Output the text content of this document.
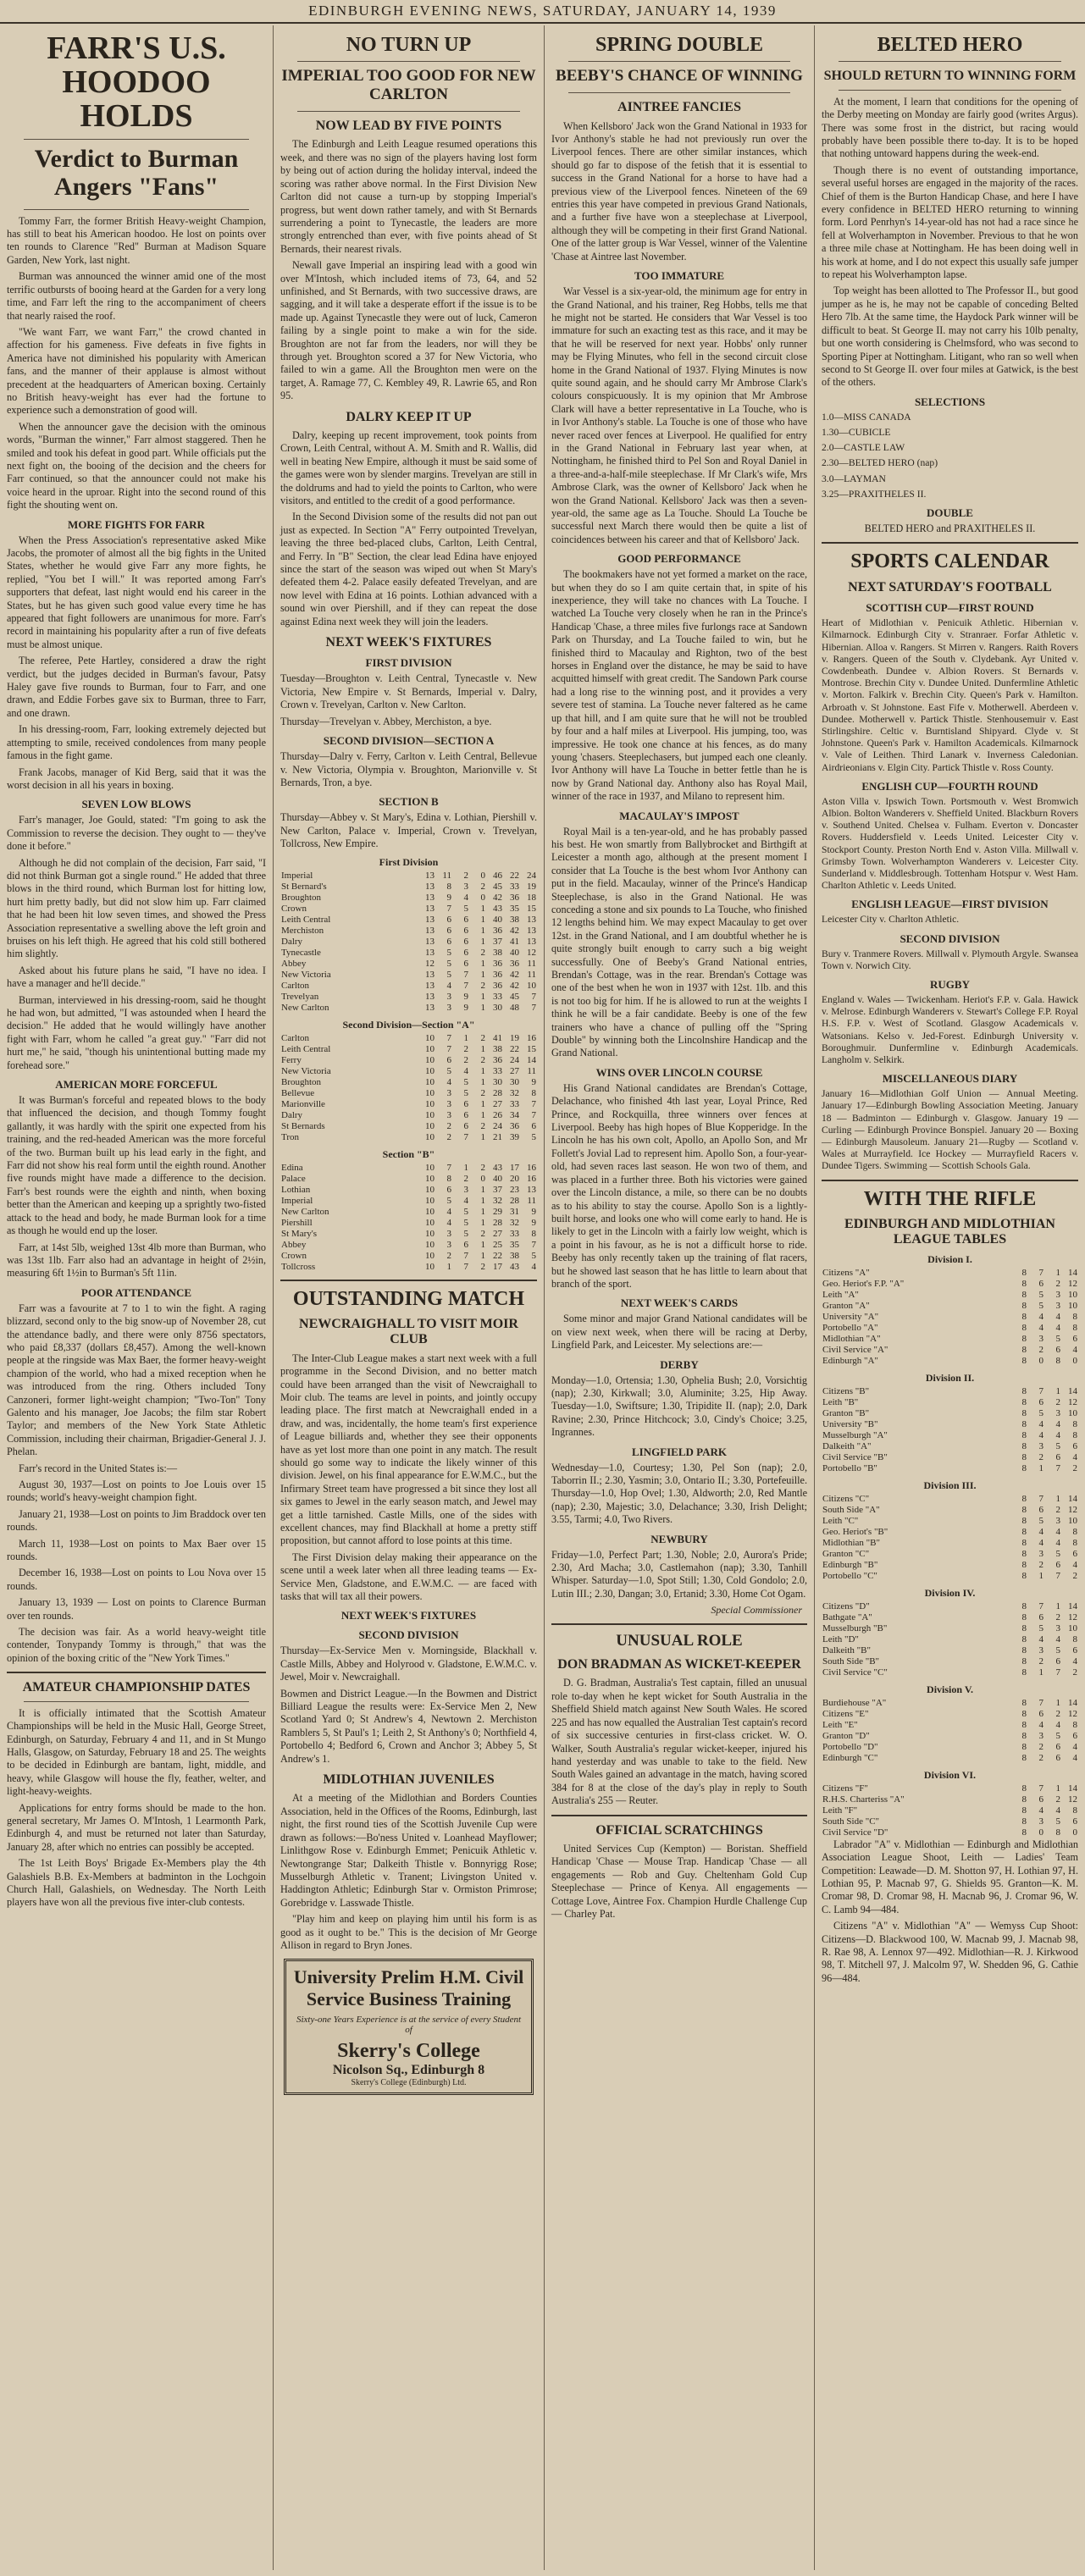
EDINBURGH EVENING NEWS, SATURDAY, JANUARY 14, 1939
FARR'S U.S. HOODOO HOLDS
Verdict to Burman Angers "Fans"

Tommy Farr, the former British Heavy-weight Champion, has still to beat his American hoodoo. He lost on points over ten rounds to Clarence "Red" Burman at Madison Square Garden, New York, last night.

Burman was announced the winner amid one of the most terrific outbursts of booing heard at the Garden for a very long time, and Farr left the ring to the accompaniment of cheers that nearly raised the roof.

"We want Farr, we want Farr," the crowd chanted in affection for his gameness. Five defeats in five fights in America have not diminished his popularity with American fans, and the manner of their applause is almost without precedent at the headquarters of American boxing. Certainly no British heavy-weight has ever had the fortune to experience such a demonstration of good will.

When the announcer gave the decision with the ominous words, "Burman the winner," Farr almost staggered. Then he smiled and took his defeat in good part. While officials put the next fight on, the booing of the decision and the cheers for Farr continued, so that the announcer could not make his voice heard in the uproar. Right into the second round of this fight the shouting went on.

MORE FIGHTS FOR FARR

When the Press Association's representative asked Mike Jacobs, the promoter of almost all the big fights in the United States, whether he would give Farr any more fights, he replied, "You bet I will." It was reported among Farr's supporters that defeat, last night would end his career in the States, but he has given such good value every time he has appeared that fight followers are unanimous for more. Farr's record in maintaining his popularity after a run of five defeats must be almost unique.

The referee, Pete Hartley, considered a draw the right verdict, but the judges decided in Burman's favour, Patsy Haley gave five rounds to Burman, four to Farr, and one drawn, and Eddie Forbes gave six to Burman, three to Farr, and one drawn.

In his dressing-room, Farr, looking extremely dejected but attempting to smile, received condolences from many people famous in the fight game.

Frank Jacobs, manager of Kid Berg, said that it was the worst decision in all his years in boxing.

SEVEN LOW BLOWS

Farr's manager, Joe Gould, stated: "I'm going to ask the Commission to reverse the decision. They ought to — they've done it before."

Although he did not complain of the decision, Farr said, "I did not think Burman got a single round." He added that three blows in the third round, which Burman lost for hitting low, hurt him pretty badly, but did not slow him up. Farr claimed that he had been hit low seven times, and showed the Press Association representative a swelling above the left groin and bruises on his left thigh. He agreed that his cold still bothered him slightly.

Asked about his future plans he said, "I have no idea. I have a manager and he'll decide."

Burman, interviewed in his dressing-room, said he thought he had won, but admitted, "I was astounded when I heard the decision." He added that he would willingly have another fight with Farr, whom he called "a great guy." "Farr did not hurt me," he said, "though his unintentional butting made my forehead sore."

AMERICAN MORE FORCEFUL

It was Burman's forceful and repeated blows to the body that influenced the decision, and though Tommy fought gallantly, it was hardly with the spirit one expected from his training, and the red-headed American was the more forceful of the two. Burman built up his lead early in the fight, and Farr did not show his real form until the eighth round. Another five rounds might have made a difference to the decision. Farr's best rounds were the eighth and ninth, when boxing better than the American and keeping up a sprightly two-fisted attack to the head and body, he made Burman look for a time as though he would end up the loser.

Farr, at 14st 5lb, weighed 13st 4lb more than Burman, who was 13st 1lb. Farr also had an advantage in height of 2½in, measuring 6ft 1½in to Burman's 5ft 11in.

POOR ATTENDANCE

Farr was a favourite at 7 to 1 to win the fight. A raging blizzard, second only to the big snow-up of November 28, cut the attendance badly, and there were only 8756 spectators, who paid £8,337 (dollars £8,457). Among the well-known people at the ringside was Max Baer, the former heavy-weight champion of the world, who had a mixed reception when he was introduced from the ring. Others included Tony Canzoneri, former light-weight champion; "Two-Ton" Tony Galento and his manager, Joe Jacobs; the film star Robert Taylor; and members of the New York State Athletic Commission, including their chairman, Brigadier-General J. J. Phelan.

Farr's record in the United States is:—

August 30, 1937—Lost on points to Joe Louis over 15 rounds; world's heavy-weight champion fight.

January 21, 1938—Lost on points to Jim Braddock over ten rounds.

March 11, 1938—Lost on points to Max Baer over 15 rounds.

December 16, 1938—Lost on points to Lou Nova over 15 rounds.

January 13, 1939 — Lost on points to Clarence Burman over ten rounds.

The decision was fair. As a world heavy-weight title contender, Tonypandy Tommy is through," that was the opinion of the boxing critic of the "New York Times."

AMATEUR CHAMPIONSHIP DATES

It is officially intimated that the Scottish Amateur Championships will be held in the Music Hall, George Street, Edinburgh, on Saturday, February 4 and 11, and in St Mungo Halls, Glasgow, on Saturday, February 18 and 25. The weights to be decided in Edinburgh are bantam, light, middle, and heavy, while Glasgow will house the fly, feather, welter, and light-heavy-weights.

Applications for entry forms should be made to the hon. general secretary, Mr James O. M'Intosh, 1 Learmonth Park, Edinburgh 4, and must be returned not later than Saturday, January 28, after which no entries can possibly be accepted.

The 1st Leith Boys' Brigade Ex-Members play the 4th Galashiels B.B. Ex-Members at badminton in the Lochgoin Church Hall, Galashiels, on Wednesday. The North Leith players have won all the previous five inter-club contests.

NO TURN UP
IMPERIAL TOO GOOD FOR NEW CARLTON
NOW LEAD BY FIVE POINTS

The Edinburgh and Leith League resumed operations this week, and there was no sign of the players having lost form by being out of action during the holiday interval, indeed the scoring was rather above normal. In the First Division New Carlton did not cause a turn-up by stopping Imperial's progress, but went down rather tamely, and with St Bernards surrendering a point to Tynecastle, the leaders are more strongly entrenched than ever, with five points ahead of St Bernards, their nearest rivals.

Newall gave Imperial an inspiring lead with a good win over M'Intosh, which included items of 73, 64, and 52 unfinished, and St Bernards, with two successive draws, are sagging, and it will take a desperate effort if the issue is to be made up. Against Tynecastle they were out of luck, Cameron failing by a single point to make a win for the side. Broughton are not far from the leaders, nor will they be through yet. Broughton scored a 37 for New Victoria, who failed to win a game. All the Broughton men were on the target, A. Ramage 77, C. Kembley 49, R. Lawrie 65, and Ron 95.

DALRY KEEP IT UP

Dalry, keeping up recent improvement, took points from Crown, Leith Central, without A. M. Smith and R. Wallis, did well in beating New Empire, although it must be said some of the games were won by slender margins. Trevelyan are still in the doldrums and had to yield the points to Carlton, who were visitors, and entitled to the credit of a good performance.

In the Second Division some of the results did not pan out just as expected. In Section "A" Ferry outpointed Trevelyan, leaving the three bed-placed clubs, Carlton, Leith Central, and Ferry. In "B" Section, the clear lead Edina have enjoyed since the start of the season was wiped out when St Mary's defeated them 4-2. Palace easily defeated Trevelyan, and are now level with Edina at 16 points. Lothian advanced with a sound win over Piershill, and if they can repeat the dose against Edina next week they will join the leaders.

NEXT WEEK'S FIXTURES
FIRST DIVISION

Tuesday—Broughton v. Leith Central, Tynecastle v. New Victoria, New Empire v. St Bernards, Imperial v. Dalry, Crown v. Trevelyan, Carlton v. New Carlton.

Thursday—Trevelyan v. Abbey, Merchiston, a bye.

SECOND DIVISION—SECTION A

Thursday—Dalry v. Ferry, Carlton v. Leith Central, Bellevue v. New Victoria, Olympia v. Broughton, Marionville v. St Bernards, Tron, a bye.

SECTION B

Thursday—Abbey v. St Mary's, Edina v. Lothian, Piershill v. New Carlton, Palace v. Imperial, Crown v. Trevelyan, Tollcross, New Empire.

First Division
Imperial	13	11	2	0	46	22	24
St Bernard's	13	8	3	2	45	33	19
Broughton	13	9	4	0	42	36	18
Crown	13	7	5	1	43	35	15
Leith Central	13	6	6	1	40	38	13
Merchiston	13	6	6	1	36	42	13
Dalry	13	6	6	1	37	41	13
Tynecastle	13	5	6	2	38	40	12
Abbey	12	5	6	1	36	36	11
New Victoria	13	5	7	1	36	42	11
Carlton	13	4	7	2	36	42	10
Trevelyan	13	3	9	1	33	45	7
New Carlton	13	3	9	1	30	48	7
Second Division—Section "A"
Carlton	10	7	1	2	41	19	16
Leith Central	10	7	2	1	38	22	15
Ferry	10	6	2	2	36	24	14
New Victoria	10	5	4	1	33	27	11
Broughton	10	4	5	1	30	30	9
Bellevue	10	3	5	2	28	32	8
Marionville	10	3	6	1	27	33	7
Dalry	10	3	6	1	26	34	7
St Bernards	10	2	6	2	24	36	6
Tron	10	2	7	1	21	39	5
Section "B"
Edina	10	7	1	2	43	17	16
Palace	10	8	2	0	40	20	16
Lothian	10	6	3	1	37	23	13
Imperial	10	5	4	1	32	28	11
New Carlton	10	4	5	1	29	31	9
Piershill	10	4	5	1	28	32	9
St Mary's	10	3	5	2	27	33	8
Abbey	10	3	6	1	25	35	7
Crown	10	2	7	1	22	38	5
Tollcross	10	1	7	2	17	43	4
OUTSTANDING MATCH
NEWCRAIGHALL TO VISIT MOIR CLUB

The Inter-Club League makes a start next week with a full programme in the Second Division, and no better match could have been arranged than the visit of Newcraighall to Moir club. The teams are level in points, and jointly occupy leading place. The first match at Newcraighall ended in a draw, and was, incidentally, the home team's first experience of League billiards and, whether they see their opponents have as yet lost more than one point in any match. The result should go some way to indicate the likely winner of this division. Jewel, on his final appearance for E.W.M.C., but the Infirmary Street team have progressed a bit since they lost all six games to Jewel in the early season match, and Jewel may get a little tarnished. Castle Mills, one of the sides with excellent chances, may find Blackhall at home a pretty stiff proposition, but cannot afford to lose points at this time.

The First Division delay making their appearance on the scene until a week later when all three leading teams — Ex-Service Men, Gladstone, and E.W.M.C. — are faced with tasks that will tax all their powers.

NEXT WEEK'S FIXTURES
SECOND DIVISION

Thursday—Ex-Service Men v. Morningside, Blackhall v. Castle Mills, Abbey and Holyrood v. Gladstone, E.W.M.C. v. Jewel, Moir v. Newcraighall.

Bowmen and District League.—In the Bowmen and District Billiard League the results were: Ex-Service Men 2, New Scotland Yard 0; St Andrew's 4, Newtown 2. Merchiston Ramblers 5, St Paul's 1; Leith 2, St Anthony's 0; Northfield 4, Portobello 4; Bedford 6, Crown and Anchor 3; Abbey 5, St Andrew's 1.

MIDLOTHIAN JUVENILES

At a meeting of the Midlothian and Borders Counties Association, held in the Offices of the Rooms, Edinburgh, last night, the first round ties of the Scottish Juvenile Cup were drawn as follows:—Bo'ness United v. Loanhead Mayflower; Linlithgow Rose v. Edinburgh Emmet; Penicuik Athletic v. Newtongrange Star; Dalkeith Thistle v. Bonnyrigg Rose; Musselburgh Athletic v. Tranent; Livingston United v. Haddington Athletic; Edinburgh Star v. Ormiston Primrose; Gorebridge v. Lasswade Thistle.

"Play him and keep on playing him until his form is as good as it ought to be." This is the decision of Mr George Allison in regard to Bryn Jones.

University Prelim H.M. Civil Service Business Training
Sixty-one Years Experience is at the service of every Student of
Skerry's College
Nicolson Sq., Edinburgh 8
Skerry's College (Edinburgh) Ltd.
SPRING DOUBLE
BEEBY'S CHANCE OF WINNING
AINTREE FANCIES

When Kellsboro' Jack won the Grand National in 1933 for Ivor Anthony's stable he had not previously run over the Liverpool fences. There are other similar instances, which should go far to dispose of the fetish that it is essential to success in the Grand National for a horse to have had a previous view of the Liverpool fences. Nineteen of the 69 entries this year have competed in previous Grand Nationals, and a further five have won a steeplechase at Liverpool, although they will be competing in their first Grand National. One of the latter group is War Vessel, winner of the Valentine 'Chase at Aintree last November.

TOO IMMATURE

War Vessel is a six-year-old, the minimum age for entry in the Grand National, and his trainer, Reg Hobbs, tells me that he might not be started. He considers that War Vessel is too immature for such an exacting test as this race, and it may be that he will be reserved for next year. Hobbs' only runner may be Flying Minutes, who fell in the second circuit close home in the Grand National of 1937. Flying Minutes is now quite sound again, and he should carry Mr Ambrose Clark's colours conspicuously. It is my opinion that Mr Ambrose Clark will have a better representative in La Touche, who is in Ivor Anthony's stable. La Touche is one of those who have never raced over fences at Liverpool. He qualified for entry in the Grand National in February last year when, at Nottingham, he finished third to Pel Son and Royal Daniel in a three-and-a-half-mile steeplechase. If Mr Clark's wife, Mrs Ambrose Clark, was the owner of Kellsboro' Jack when he won the Grand National. Kellsboro' Jack was then a seven-year-old, the same age as La Touche. Should La Touche be successful next March there would then be quite a list of coincidences between his career and that of Kellsboro' Jack.

GOOD PERFORMANCE

The bookmakers have not yet formed a market on the race, but when they do so I am quite certain that, in spite of his inexperience, they will take no chances with La Touche. I watched La Touche very closely when he ran in the Prince's Handicap 'Chase, a three miles five furlongs race at Sandown Park on Thursday, and La Touche failed to win, but he finished third to Macaulay and Righton, two of the best horses in England over the distance, he may be said to have acquitted himself with great credit. The Sandown Park course had a long rise to the winning post, and it provides a very severe test of stamina. La Touche never faltered as he came up that hill, and I am quite sure that he will not be troubled by four and a half miles at Liverpool. His jumping, too, was impressive. He took one chance at his fences, as do many young 'chasers. Steeplechasers, but jumped each one cleanly. Ivor Anthony will have La Touche in better fettle than he is now by Grand National day. Anthony also has Royal Mail, winner of the race in 1937, and Milano to represent him.

MACAULAY'S IMPOST

Royal Mail is a ten-year-old, and he has probably passed his best. He won smartly from Ballybrocket and Birthgift at Leicester a month ago, although at the present moment I consider that La Touche is the best whom Ivor Anthony can put in the field. Macaulay, winner of the Prince's Handicap Steeplechase, is also in the Grand National. He was conceding a stone and six pounds to La Touche, who finished 12 lengths behind him. We may expect Macaulay to get over 12st. in the Grand National, and I am doubtful whether he is quite strongly built enough to carry such a big weight successfully. One of Beeby's Grand National entries, Brendan's Cottage, was in the rear. Brendan's Cottage was one of the best when he won in 1937 with 12st. 1lb. and this is not too big for him. If he is allowed to run at the weights I think he will be a fair candidate. Beeby is one of the few trainers who have a chance of pulling off the "Spring Double" by winning both the Lincolnshire Handicap and the Grand National.

WINS OVER LINCOLN COURSE

His Grand National candidates are Brendan's Cottage, Delachance, who finished 4th last year, Loyal Prince, Red Prince, and Rockquilla, three winners over fences at Liverpool. Beeby has high hopes of Blue Kopperidge. In the Lincoln he has his own colt, Apollo, an Apollo Son, and Mr Follett's Jovial Lad to represent him. Apollo Son, a four-year-old, had seven races last season. He won two of them, and was placed in a further three. Both his victories were gained over the Lincoln distance, a mile, so there can be no doubts as to his ability to stay the course. Apollo Son is a lightly-built horse, and looks one who will come early to hand. He is likely to get in the Lincoln with a fairly low weight, which is a point in his favour, as he is not a difficult horse to ride. Beeby has only recently taken up the training of flat racers, but he showed last season that he has little to learn about that branch of the sport.

NEXT WEEK'S CARDS

Some minor and major Grand National candidates will be on view next week, when there will be racing at Derby, Lingfield Park, and Leicester. My selections are:—

DERBY

Monday—1.0, Ortensia; 1.30, Ophelia Bush; 2.0, Vorsichtig (nap); 2.30, Kirkwall; 3.0, Aluminite; 3.25, Hip Away. Tuesday—1.0, Swiftsure; 1.30, Tripidite II. (nap); 2.0, Dark Ravine; 2.30, Prince Hitchcock; 3.0, Cindy's Choice; 3.25, Ingrannes.

LINGFIELD PARK

Wednesday—1.0, Courtesy; 1.30, Pel Son (nap); 2.0, Taborrin II.; 2.30, Yasmin; 3.0, Ontario II.; 3.30, Portefeuille. Thursday—1.0, Hop Ovel; 1.30, Aldworth; 2.0, Red Mantle (nap); 2.30, Majestic; 3.0, Delachance; 3.30, Irish Delight; 3.55, Tarmi; 4.0, Two Rivers.

NEWBURY

Friday—1.0, Perfect Part; 1.30, Noble; 2.0, Aurora's Pride; 2.30, Ard Macha; 3.0, Castlemahon (nap); 3.30, Tanhill Whisper. Saturday—1.0, Spot Still; 1.30, Cold Gondolo; 2.0, Lutin III.; 2.30, Dangan; 3.0, Ertanid; 3.30, Home Cot Ogam.

Special Commissioner
UNUSUAL ROLE
DON BRADMAN AS WICKET-KEEPER

D. G. Bradman, Australia's Test captain, filled an unusual role to-day when he kept wicket for South Australia in the Sheffield Shield match against New South Wales. He scored 225 and has now equalled the Australian Test captain's record of six successive centuries in first-class cricket. W. O. Walker, South Australia's regular wicket-keeper, injured his hand yesterday and was unable to take to the field. New South Wales gained an advantage in the match, having scored 384 for 8 at the close of the day's play in reply to South Australia's 255 — Reuter.

OFFICIAL SCRATCHINGS

United Services Cup (Kempton) — Boristan. Sheffield Handicap 'Chase — Mouse Trap. Handicap 'Chase — all engagements — Rob and Guy. Cheltenham Gold Cup Steeplechase — Prince of Kenya. All engagements — Cottage Love, Aintree Fox. Champion Hurdle Challenge Cup — Charley Pat.

BELTED HERO
SHOULD RETURN TO WINNING FORM

At the moment, I learn that conditions for the opening of the Derby meeting on Monday are fairly good (writes Argus). There was some frost in the district, but racing would probably have been possible there to-day. It is to be hoped that nothing untoward happens during the week-end.

Though there is no event of outstanding importance, several useful horses are engaged in the majority of the races. Chief of them is the Burton Handicap Chase, and here I have every confidence in BELTED HERO returning to winning form. Lord Penrhyn's 14-year-old has not had a race since he fell at Wolverhampton in November. Previous to that he won a three mile chase at Nottingham. He has been doing well in his work at home, and I do not expect this usually safe jumper to repeat his Wolverhampton lapse.

Top weight has been allotted to The Professor II., but good jumper as he is, he may not be capable of conceding Belted Hero 7lb. At the same time, the Haydock Park winner will be difficult to beat. St George II. may not carry his 10lb penalty, but one worth considering is Chelmsford, who was second to Sporting Piper at Nottingham. Litigant, who ran so well when second to St George II. over four miles at Gatwick, is the best of the others.

SELECTIONS

1.0—MISS CANADA

1.30—CUBICLE

2.0—CASTLE LAW

2.30—BELTED HERO (nap)

3.0—LAYMAN

3.25—PRAXITHELES II.

DOUBLE

BELTED HERO and PRAXITHELES II.

SPORTS CALENDAR
NEXT SATURDAY'S FOOTBALL
SCOTTISH CUP—FIRST ROUND

Heart of Midlothian v. Penicuik Athletic. Hibernian v. Kilmarnock. Edinburgh City v. Stranraer. Forfar Athletic v. Hibernian. Alloa v. Rangers. St Mirren v. Rangers. Raith Rovers v. Rangers. Queen of the South v. Clydebank. Ayr United v. Cowdenbeath. Dundee v. Albion Rovers. St Bernards v. Montrose. Brechin City v. Dundee United. Dunfermline Athletic v. Morton. Falkirk v. Brechin City. Queen's Park v. Hamilton. Arbroath v. St Johnstone. East Fife v. Motherwell. Aberdeen v. Dundee. Motherwell v. Partick Thistle. Stenhousemuir v. East Stirlingshire. Celtic v. Burntisland Shipyard. Clyde v. St Johnstone. Queen's Park v. Hamilton Academicals. Kilmarnock v. Vale of Leithen. Third Lanark v. Inverness Caledonian. Airdrieonians v. Elgin City. Partick Thistle v. Ross County.

ENGLISH CUP—FOURTH ROUND

Aston Villa v. Ipswich Town. Portsmouth v. West Bromwich Albion. Bolton Wanderers v. Sheffield United. Blackburn Rovers v. Southend United. Chelsea v. Fulham. Everton v. Doncaster Rovers. Huddersfield v. Leeds United. Leicester City v. Stockport County. Preston North End v. Aston Villa. Millwall v. Grimsby Town. Wolverhampton Wanderers v. Leicester City. Sunderland v. Middlesbrough. Tottenham Hotspur v. West Ham. Charlton Athletic v. Leeds United.

ENGLISH LEAGUE—FIRST DIVISION

Leicester City v. Charlton Athletic.

SECOND DIVISION

Bury v. Tranmere Rovers. Millwall v. Plymouth Argyle. Swansea Town v. Norwich City.

RUGBY

England v. Wales — Twickenham. Heriot's F.P. v. Gala. Hawick v. Melrose. Edinburgh Wanderers v. Stewart's College F.P. Royal H.S. F.P. v. West of Scotland. Glasgow Academicals v. Watsonians. Kelso v. Jed-Forest. Edinburgh University v. Boroughmuir. Dunfermline v. Edinburgh Academicals. Langholm v. Selkirk.

MISCELLANEOUS DIARY

January 16—Midlothian Golf Union — Annual Meeting. January 17—Edinburgh Bowling Association Meeting. January 18 — Badminton — Edinburgh v. Glasgow. January 19 — Curling — Edinburgh Province Bonspiel. January 20 — Boxing — Edinburgh Mausoleum. January 21—Rugby — Scotland v. Wales at Murrayfield. Ice Hockey — Murrayfield Racers v. Dundee Tigers. Swimming — Scottish Schools Gala.

WITH THE RIFLE
EDINBURGH AND MIDLOTHIAN LEAGUE TABLES
Division I.
Citizens "A"	8	7	1	14
Geo. Heriot's F.P. "A"	8	6	2	12
Leith "A"	8	5	3	10
Granton "A"	8	5	3	10
University "A"	8	4	4	8
Portobello "A"	8	4	4	8
Midlothian "A"	8	3	5	6
Civil Service "A"	8	2	6	4
Edinburgh "A"	8	0	8	0
Division II.
Citizens "B"	8	7	1	14
Leith "B"	8	6	2	12
Granton "B"	8	5	3	10
University "B"	8	4	4	8
Musselburgh "A"	8	4	4	8
Dalkeith "A"	8	3	5	6
Civil Service "B"	8	2	6	4
Portobello "B"	8	1	7	2
Division III.
Citizens "C"	8	7	1	14
South Side "A"	8	6	2	12
Leith "C"	8	5	3	10
Geo. Heriot's "B"	8	4	4	8
Midlothian "B"	8	4	4	8
Granton "C"	8	3	5	6
Edinburgh "B"	8	2	6	4
Portobello "C"	8	1	7	2
Division IV.
Citizens "D"	8	7	1	14
Bathgate "A"	8	6	2	12
Musselburgh "B"	8	5	3	10
Leith "D"	8	4	4	8
Dalkeith "B"	8	3	5	6
South Side "B"	8	2	6	4
Civil Service "C"	8	1	7	2
Division V.
Burdiehouse "A"	8	7	1	14
Citizens "E"	8	6	2	12
Leith "E"	8	4	4	8
Granton "D"	8	3	5	6
Portobello "D"	8	2	6	4
Edinburgh "C"	8	2	6	4
Division VI.
Citizens "F"	8	7	1	14
R.H.S. Charteriss "A"	8	6	2	12
Leith "F"	8	4	4	8
South Side "C"	8	3	5	6
Civil Service "D"	8	0	8	0

Labrador "A" v. Midlothian — Edinburgh and Midlothian Association League Shoot, Leith — Ladies' Team Competition: Leawade—D. M. Shotton 97, H. Lothian 97, H. Lothian 95, P. Macnab 97, G. Shields 95. Granton—K. M. Cromar 98, D. Cromar 98, H. Macnab 96, J. Cromar 96, W. C. Lamb 94—484.

Citizens "A" v. Midlothian "A" — Wemyss Cup Shoot: Citizens—D. Blackwood 100, W. Macnab 99, J. Macnab 98, R. Rae 98, A. Lennox 97—492. Midlothian—R. J. Kirkwood 98, T. Mitchell 97, J. Malcolm 97, W. Shedden 96, G. Cathie 96—484.
